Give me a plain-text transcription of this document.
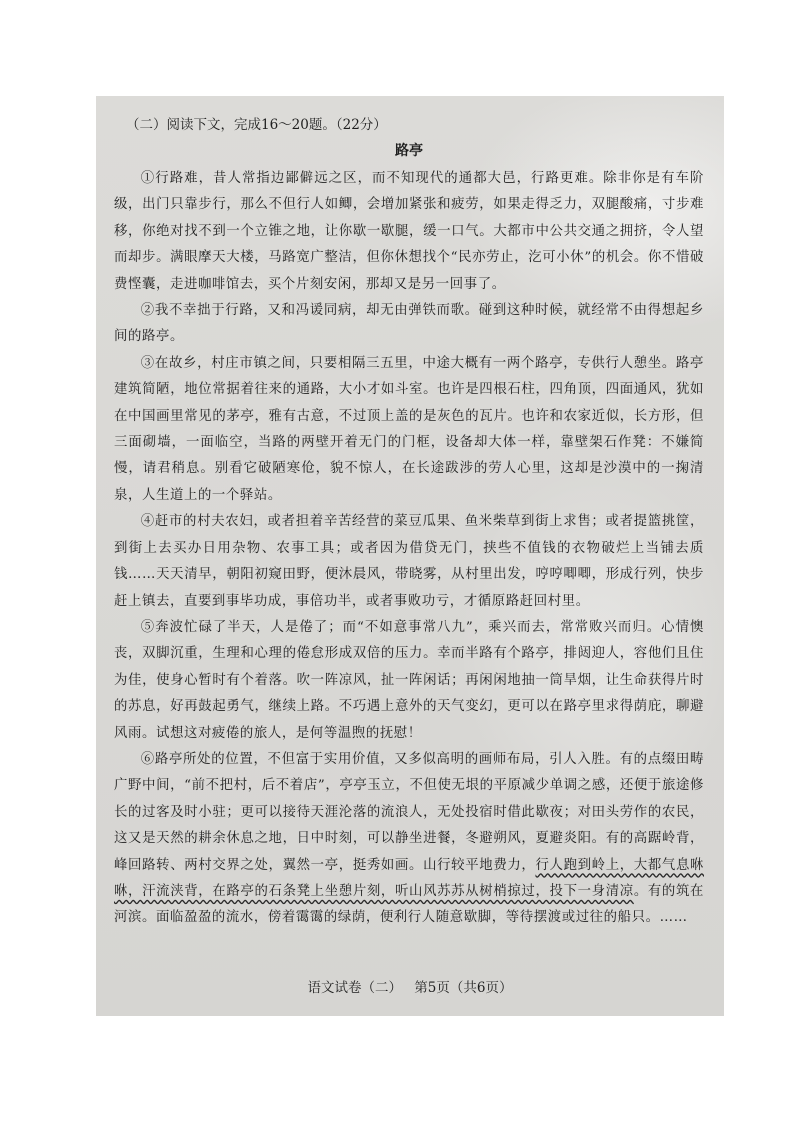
（二）阅读下文，完成16～20题。（22分）
路亭

①行路难，昔人常指边鄙僻远之区，而不知现代的通都大邑，行路更难。除非你是有车阶级，出门只靠步行，那么不但行人如鲫，会增加紧张和疲劳，如果走得乏力，双腿酸痛，寸步难移，你绝对找不到一个立锥之地，让你歇一歇腿，缓一口气。大都市中公共交通之拥挤，令人望而却步。满眼摩天大楼，马路宽广整洁，但你休想找个“民亦劳止，汔可小休”的机会。你不惜破费悭囊，走进咖啡馆去，买个片刻安闲，那却又是另一回事了。

②我不幸拙于行路，又和冯谖同病，却无由弹铁而歌。碰到这种时候，就经常不由得想起乡间的路亭。

③在故乡，村庄市镇之间，只要相隔三五里，中途大概有一两个路亭，专供行人憩坐。路亭建筑简陋，地位常据着往来的通路，大小才如斗室。也许是四根石柱，四角顶，四面通风，犹如在中国画里常见的茅亭，雅有古意，不过顶上盖的是灰色的瓦片。也许和农家近似，长方形，但三面砌墙，一面临空，当路的两壁开着无门的门框，设备却大体一样，靠壁架石作凳：不嫌简慢，请君稍息。别看它破陋寒伧，貌不惊人，在长途跋涉的劳人心里，这却是沙漠中的一掬清泉，人生道上的一个驿站。

④赶市的村夫农妇，或者担着辛苦经营的菜豆瓜果、鱼米柴草到街上求售；或者提篮挑筐，到街上去买办日用杂物、农事工具；或者因为借贷无门，挟些不值钱的衣物破烂上当铺去质钱……天天清早，朝阳初窥田野，便沐晨风，带晓雾，从村里出发，哼哼唧唧，形成行列，快步赶上镇去，直要到事毕功成，事倍功半，或者事败功亏，才循原路赶回村里。

⑤奔波忙碌了半天，人是倦了；而“不如意事常八九”，乘兴而去，常常败兴而归。心情懊丧，双脚沉重，生理和心理的倦怠形成双倍的压力。幸而半路有个路亭，排闼迎人，容他们且住为佳，使身心暂时有个着落。吹一阵凉风，扯一阵闲话；再闲闲地抽一筒旱烟，让生命获得片时的苏息，好再鼓起勇气，继续上路。不巧遇上意外的天气变幻，更可以在路亭里求得荫庇，聊避风雨。试想这对疲倦的旅人，是何等温煦的抚慰！

⑥路亭所处的位置，不但富于实用价值，又多似高明的画师布局，引人入胜。有的点缀田畴广野中间，“前不把村，后不着店”，亭亭玉立，不但使无垠的平原减少单调之感，还便于旅途修长的过客及时小驻；更可以接待天涯沦落的流浪人，无处投宿时借此歇夜；对田头劳作的农民，这又是天然的耕余休息之地，日中时刻，可以静坐进餐，冬避朔风，夏避炎阳。有的高踞岭背，峰回路转、两村交界之处，翼然一亭，挺秀如画。山行较平地费力，行人跑到岭上，大都气息咻咻，汗流浃背，在路亭的石条凳上坐憩片刻，听山风苏苏从树梢掠过，投下一身清凉。有的筑在河滨。面临盈盈的流水，傍着霭霭的绿荫，便利行人随意歇脚，等待摆渡或过往的船只。……

语文试卷（二） 第5页（共6页）
